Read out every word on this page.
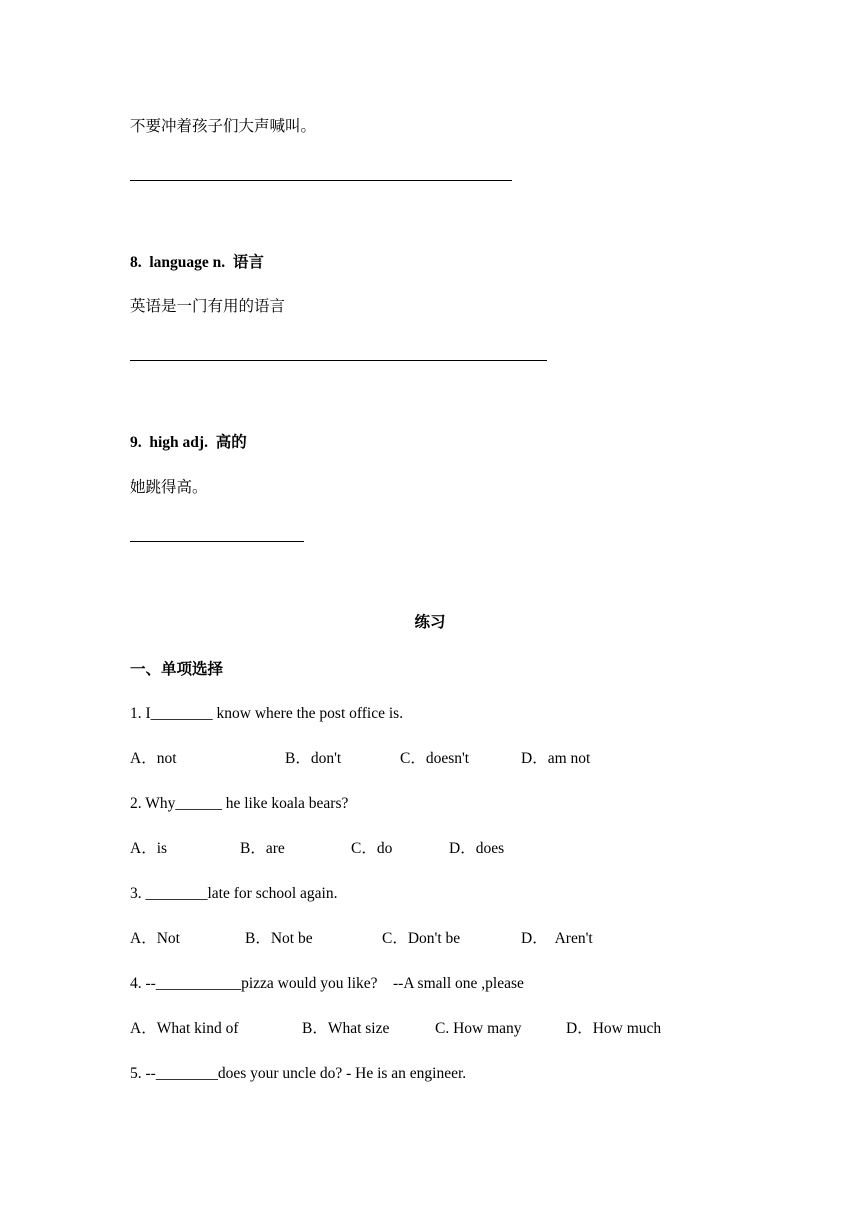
不要冲着孩子们大声喊叫。
8.  language n.  语言
英语是一门有用的语言
9.  high adj.  高的
她跳得高。
练习
一、单项选择
1. I________ know where the post office is.
A．not	B．don't	C．doesn't	D．am not
2. Why______ he like koala bears?
A．is	B．are	C．do	D．does
3. ________late for school again.
A．Not	B．Not be	C．Don't be	D．  Aren't
4. --___________pizza would you like?    --A small one ,please
A．What kind of	B．What size	C. How many	D．How much
5. --________does your uncle do? - He is an engineer.
